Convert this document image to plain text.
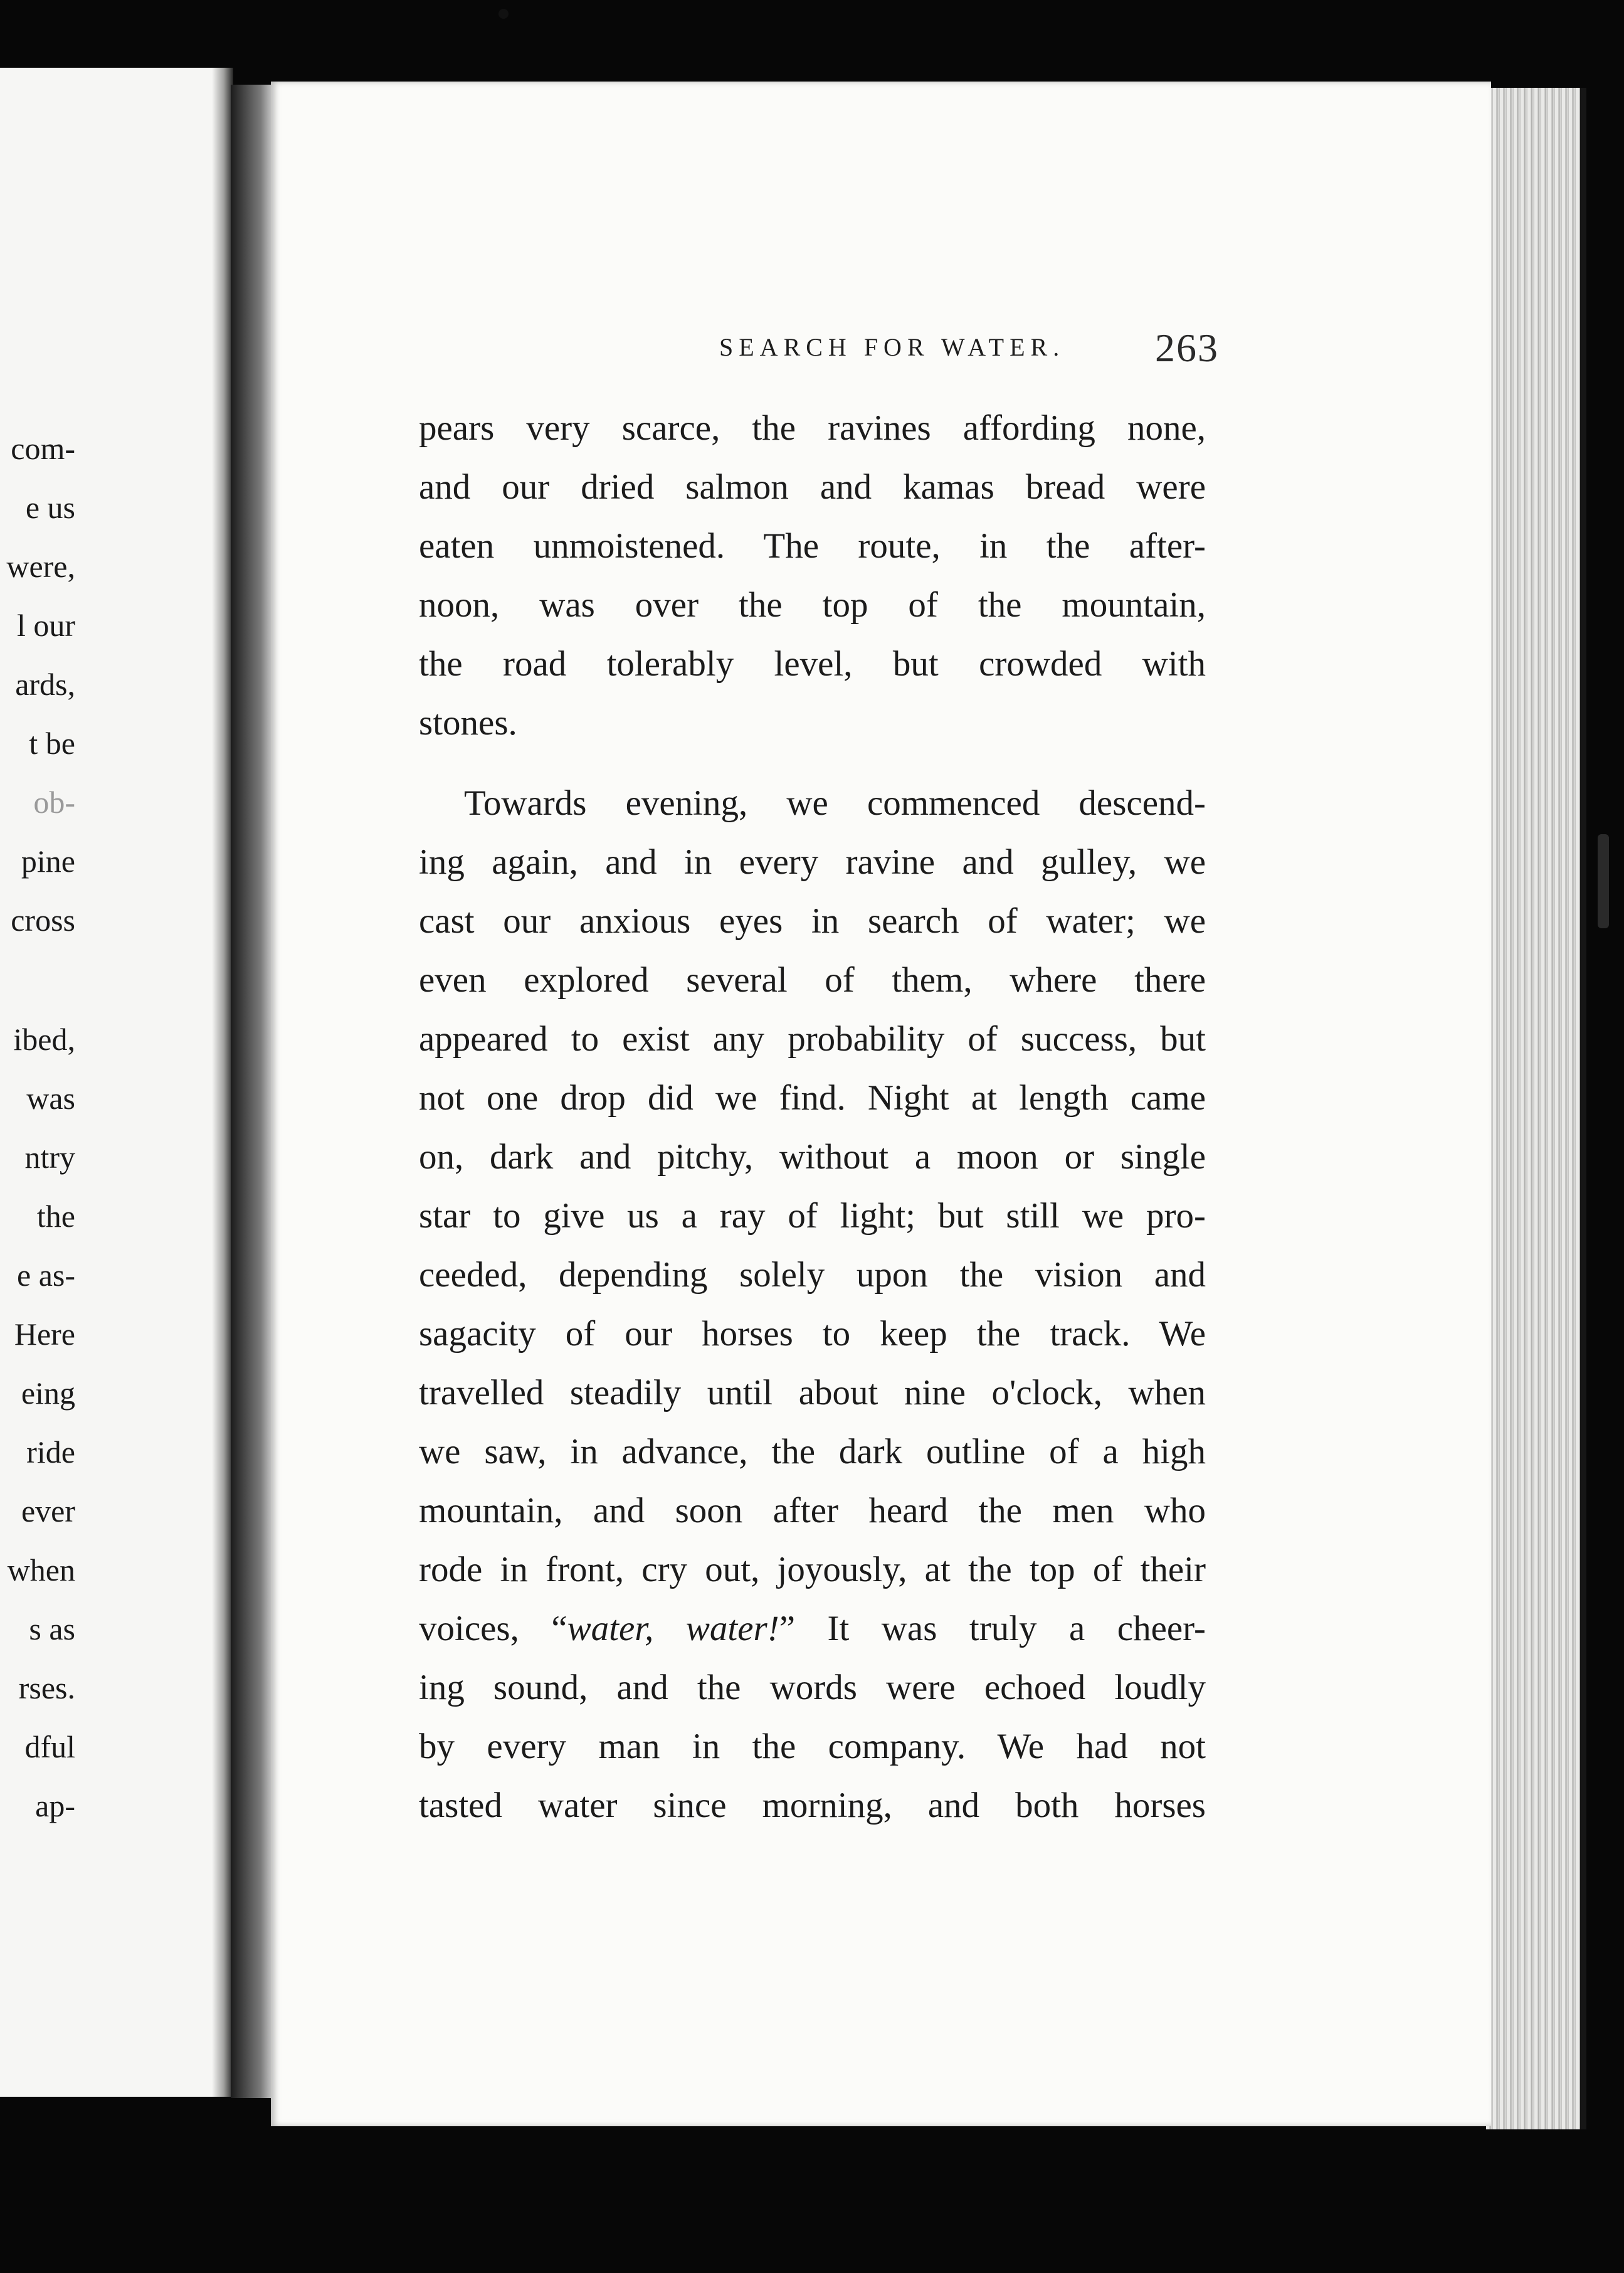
com-
e us
were,
l our
ards,
t be
ob-
pine
cross
ibed,
was
ntry
the
e as-
Here
eing
ride
ever
when
s as
rses.
dful
ap-
SEARCH FOR WATER. 263
pears very scarce, the ravines affording none,
and our dried salmon and kamas bread were
eaten unmoistened. The route, in the after-
noon, was over the top of the mountain,
the road tolerably level, but crowded with
stones.
Towards evening, we commenced descend-
ing again, and in every ravine and gulley, we
cast our anxious eyes in search of water; we
even explored several of them, where there
appeared to exist any probability of success, but
not one drop did we find. Night at length came
on, dark and pitchy, without a moon or single
star to give us a ray of light; but still we pro-
ceeded, depending solely upon the vision and
sagacity of our horses to keep the track. We
travelled steadily until about nine o'clock, when
we saw, in advance, the dark outline of a high
mountain, and soon after heard the men who
rode in front, cry out, joyously, at the top of their
voices, “water, water!” It was truly a cheer-
ing sound, and the words were echoed loudly
by every man in the company. We had not
tasted water since morning, and both horses
